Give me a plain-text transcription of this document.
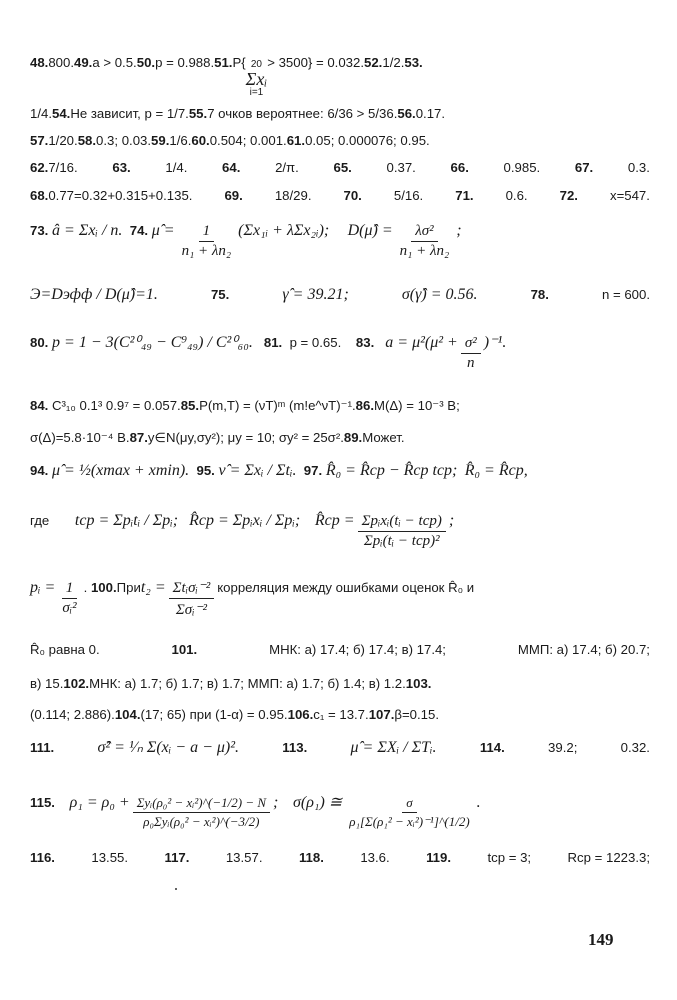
48. 800. 49. a > 0.5. 50. p = 0.988. 51. P{ 20
Σxᵢ
i=1
> 3500} = 0.032. 52. 1/2. 53.
1/4. 54. Не зависит, p = 1/7. 55. 7 очков вероятнее: 6/36 > 5/36. 56. 0.17.
57. 1/20. 58. 0.3; 0.03. 59. 1/6. 60. 0.504; 0.001. 61. 0.05; 0.000076; 0.95.
62.7/16.	63.	1/4.	64.	2/π.	65.	0.37.	66.	0.985.	67.	0.3.
68.0.77=0.32+0.315+0.135. 69. 18/29. 70. 5/16. 71. 0.6. 72. x=547.
73.
â = Σxᵢ / n.
74.
μ̂ = $\frac{1}{\text{n₁ + λn₂}}$ (Σx₁ᵢ + λΣx₂ᵢ);
D(μ̂) = $\frac{\text{λσ²}}{\text{n₁ + λn₂}}$ ;
Э=Dэфф / D(μ̂)=1.	75.	γ̂ = 39.21;	σ(γ̂) = 0.56.	78.	n = 600.
80.
p = 1 − 3(C²⁰₄₉ − C⁹₄₉) / C²⁰₆₀.
81.
p = 0.65.
83.
$a = \mu^2(\mu^2 + \frac{\text{σ²}}{n} )^{-1}$.
84.
C³₁₀ 0.1³ 0.9⁷ = 0.057. 85. P(m,T) = (νT)ᵐ (m!e^νT)⁻¹. 86. M(Δ) = 10⁻³ В;
σ(Δ)=5.8·10⁻⁴ В. 87. y∈N(μy,σy²); μy = 10; σy² = 25σ². 89. Может.
94.
μ̂ = ½(xmax + xmin).
95.
ν̂ = Σxᵢ / Σtᵢ.
97.
R̂₀ = R̂ср − R̂ср tср;
R̂₀ = R̂ср,
где
tср = Σpᵢtᵢ / Σpᵢ;
R̂ср = Σpᵢxᵢ / Σpᵢ;
R̂ср = $\frac{\text{Σpᵢxᵢ(tᵢ − tср)}}{\text{Σpᵢ(tᵢ − tср)²}}$ ;
pᵢ = $\frac{1}{\text{σᵢ²}}$ .
100. При $t_2 = \frac{\text{Σtᵢσᵢ⁻²}}{\text{Σσᵢ⁻²}}$ корреляция между ошибками оценок R̂₀ и
R̂₀ равна 0.	101.	МНК: а) 17.4; б) 17.4; в) 17.4;	ММП: а) 17.4; б) 20.7;
в) 15. 102. МНК: а) 1.7; б) 1.7; в) 1.7; ММП: а) 1.7; б) 1.4; в) 1.2. 103.
(0.114; 2.886). 104. (17; 65) при (1-α) = 0.95. 106. c₁ = 13.7. 107. β=0.15.
111.	σ̂² = ¹⁄ₙ Σ(xᵢ − a − μ)².	113.	μ̂ = ΣXᵢ / ΣTᵢ.	114.	39.2;	0.32.
115.
$\rho_1 = \rho_0 + \frac{\text{Σyᵢ(ρ₀² − xᵢ²)\textasciicircum{}(−1/2) − N}}{\text{ρ₀Σyᵢ(ρ₀² − xᵢ²)\textasciicircum{}(−3/2)}}$ ;
σ(ρ₁) ≅ $\frac{\sigma}{\text{ρ₁[Σ(ρ₁² − xᵢ²)⁻¹]\textasciicircum{}(1/2)}}$ .
116.	13.55.	117.	13.57.	118.	13.6.	119.	tср = 3;	Rср = 1223.3;
149
